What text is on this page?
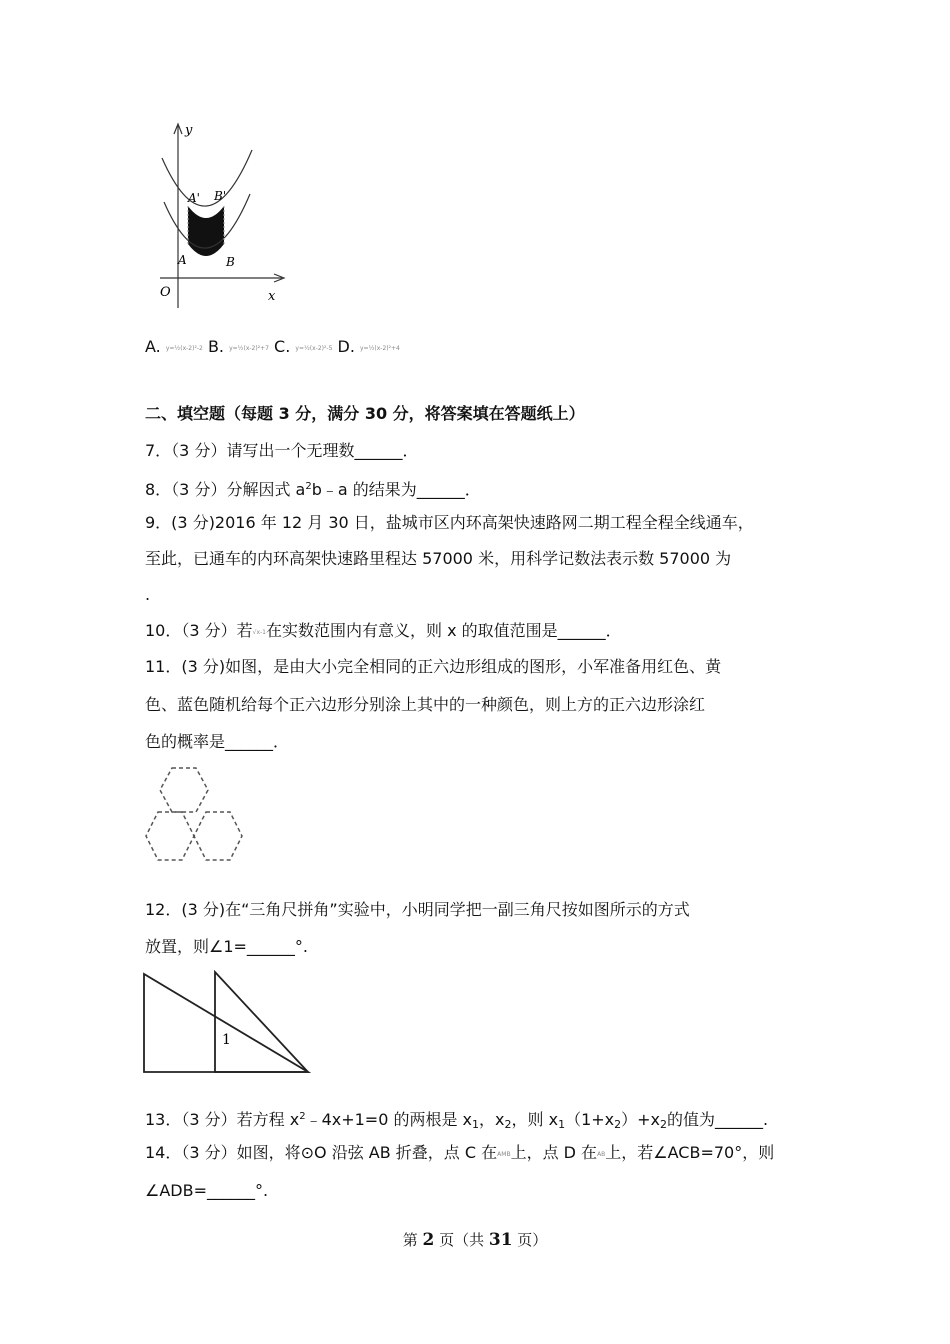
y
x
O
A' B'
A	B
A. y=½(x-2)²-2 B. y=½(x-2)²+7 C. y=½(x-2)²-5 D. y=½(x-2)²+4
二、填空题（每题 3 分，满分 30 分，将答案填在答题纸上）
7．（3 分）请写出一个无理数______．
8．（3 分）分解因式 $a^2b﹣a$ 的结果为______．
9．(3 分)2016 年 12 月 30 日，盐城市区内环高架快速路网二期工程全程全线通车，
至此，已通车的内环高架快速路里程达 57000 米，用科学记数法表示数 57000 为
.
10．（3 分）若√x-1在实数范围内有意义，则 x 的取值范围是______．
11．(3 分)如图，是由大小完全相同的正六边形组成的图形，小军准备用红色、黄
色、蓝色随机给每个正六边形分别涂上其中的一种颜色，则上方的正六边形涂红
色的概率是______．
12．(3 分)在“三角尺拼角”实验中，小明同学把一副三角尺按如图所示的方式
放置，则∠1=______°.
1
13．（3 分）若方程 $x^2﹣4x+1=0$ 的两根是 $x_1$，$x_2$，则 $x_1(1+x_2)+x_2$的值为______.
14．（3 分）如图，将⊙O 沿弦 AB 折叠，点 C 在AMB上，点 D 在AB上，若∠ACB=70°，则
∠ADB=______°.
第 2 页（共 31 页）
